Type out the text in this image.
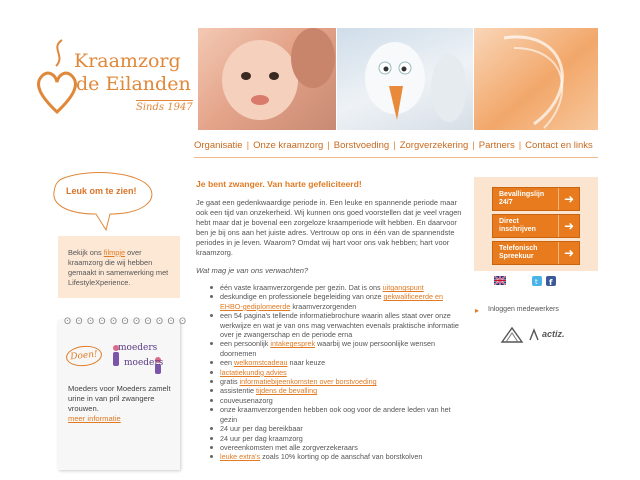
Kraamzorg
de Eilanden
Sinds 1947
Organisatie | Onze kraamzorg | Borstvoeding | Zorgverzekering | Partners | Contact en links
Leuk om te zien!

Bekijk ons filmpje over kraamzorg die wij hebben gemaakt in samenwerking met LifestyleXperience.

ʘ ʘ ʘ ʘ ʘ ʘ ʘ ʘ ʘ ʘ ʘ
Doen!
moeders
moeders
Moeders voor Moeders zamelt urine in van pril zwangere vrouwen.
meer informatie
Je bent zwanger. Van harte gefeliciteerd!

Je gaat een gedenkwaardige periode in. Een leuke en spannende periode maar ook een tijd van onzekerheid. Wij kunnen ons goed voorstellen dat je veel vragen hebt maar dat je bovenal een zorgeloze kraamperiode wilt hebben. En daarvoor ben je bij ons aan het juiste adres. Vertrouw op ons in één van de spannendste periodes in je leven. Waarom? Omdat wij hart voor ons vak hebben; hart voor kraamzorg.

Wat mag je van ons verwachten?
één vaste kraamverzorgende per gezin. Dat is ons uitgangspunt
deskundige en professionele begeleiding van onze gekwalificeerde en EHBO-gediplomeerde kraamverzorgenden
een 54 pagina's tellende informatiebrochure waarin alles staat over onze werkwijze en wat je van ons mag verwachten evenals praktische informatie over je zwangerschap en de periode erna
een persoonlijk intakegesprek waarbij we jouw persoonlijke wensen doornemen
een welkomstcadeau naar keuze
lactatiekundig advies
gratis informatiebijeenkomsten over borstvoeding
assistentie tijdens de bevalling
couveusenazorg
onze kraamverzorgenden hebben ook oog voor de andere leden van het gezin
24 uur per dag bereikbaar
24 uur per dag kraamzorg
overeenkomsten met alle zorgverzekeraars
leuke extra's zoals 10% korting op de aanschaf van borstkolven
Bevallingslijn
24/7	➜
Direct
inschrijven	➜
Telefonisch
Spreekuur	➜
t f
▸ Inloggen medewerkers
actiz.
